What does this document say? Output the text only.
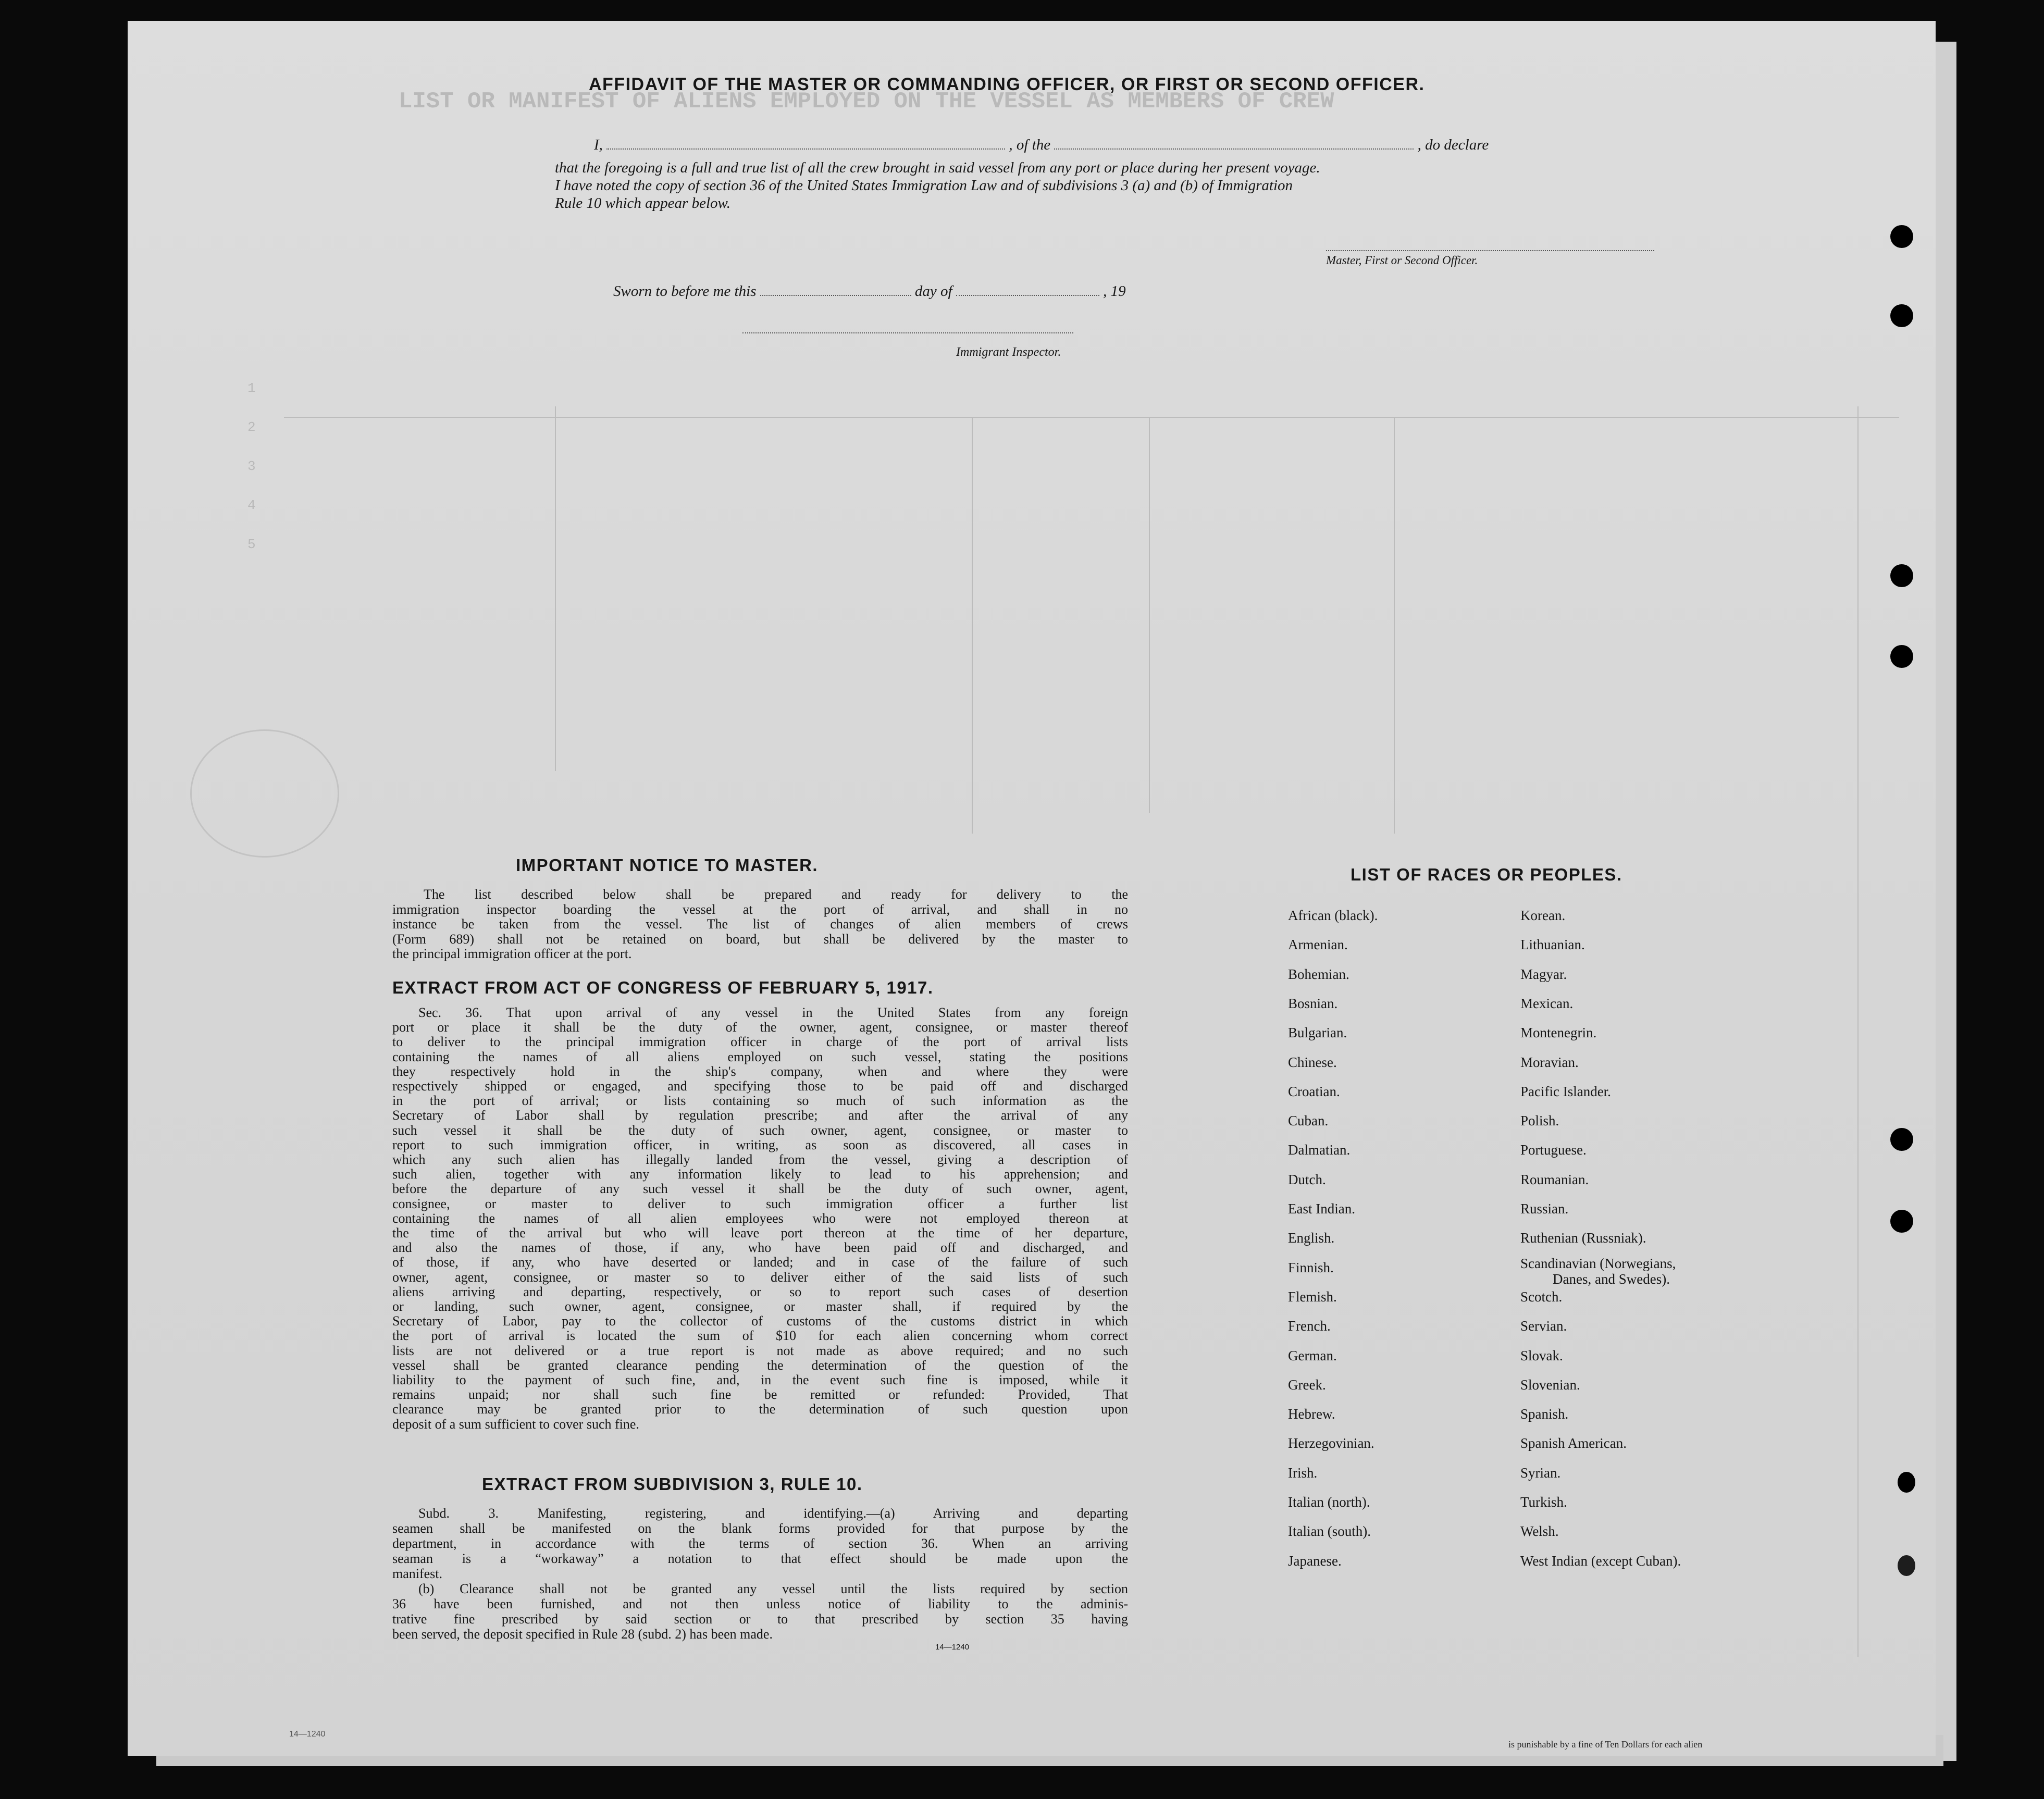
LIST OR MANIFEST OF ALIENS EMPLOYED ON THE VESSEL AS MEMBERS OF CREW
1
2
3
4
5
AFFIDAVIT OF THE MASTER OR COMMANDING OFFICER, OR FIRST OR SECOND OFFICER.
I,	, of the	, do declare
that the foregoing is a full and true list of all the crew brought in said vessel from any port or place during her present voyage.
I have noted the copy of section 36 of the United States Immigration Law and of subdivisions 3 (a) and (b) of Immigration
Rule 10 which appear below.
Master, First or Second Officer.
Sworn to before me this	day of	, 19
Immigrant Inspector.
IMPORTANT NOTICE TO MASTER.

The list described below shall be prepared and ready for delivery to the

immigration inspector boarding the vessel at the port of arrival, and shall in no

instance be taken from the vessel. The list of changes of alien members of crews

(Form 689) shall not be retained on board, but shall be delivered by the master to

the principal immigration officer at the port.

EXTRACT FROM ACT OF CONGRESS OF FEBRUARY 5, 1917.

Sec. 36. That upon arrival of any vessel in the United States from any foreign

port or place it shall be the duty of the owner, agent, consignee, or master thereof

to deliver to the principal immigration officer in charge of the port of arrival lists

containing the names of all aliens employed on such vessel, stating the positions

they respectively hold in the ship's company, when and where they were

respectively shipped or engaged, and specifying those to be paid off and discharged

in the port of arrival; or lists containing so much of such information as the

Secretary of Labor shall by regulation prescribe; and after the arrival of any

such vessel it shall be the duty of such owner, agent, consignee, or master to

report to such immigration officer, in writing, as soon as discovered, all cases in

which any such alien has illegally landed from the vessel, giving a description of

such alien, together with any information likely to lead to his apprehension; and

before the departure of any such vessel it shall be the duty of such owner, agent,

consignee, or master to deliver to such immigration officer a further list

containing the names of all alien employees who were not employed thereon at

the time of the arrival but who will leave port thereon at the time of her departure,

and also the names of those, if any, who have been paid off and discharged, and

of those, if any, who have deserted or landed; and in case of the failure of such

owner, agent, consignee, or master so to deliver either of the said lists of such

aliens arriving and departing, respectively, or so to report such cases of desertion

or landing, such owner, agent, consignee, or master shall, if required by the

Secretary of Labor, pay to the collector of customs of the customs district in which

the port of arrival is located the sum of $10 for each alien concerning whom correct

lists are not delivered or a true report is not made as above required; and no such

vessel shall be granted clearance pending the determination of the question of the

liability to the payment of such fine, and, in the event such fine is imposed, while it

remains unpaid; nor shall such fine be remitted or refunded: Provided, That

clearance may be granted prior to the determination of such question upon

deposit of a sum sufficient to cover such fine.

EXTRACT FROM SUBDIVISION 3, RULE 10.

Subd. 3. Manifesting, registering, and identifying.—(a) Arriving and departing

seamen shall be manifested on the blank forms provided for that purpose by the

department, in accordance with the terms of section 36. When an arriving

seaman is a “workaway” a notation to that effect should be made upon the

manifest.

(b) Clearance shall not be granted any vessel until the lists required by section

36 have been furnished, and not then unless notice of liability to the adminis-

trative fine prescribed by said section or to that prescribed by section 35 having

been served, the deposit specified in Rule 28 (subd. 2) has been made.

14—1240
LIST OF RACES OR PEOPLES.
African (black).
Armenian.
Bohemian.
Bosnian.
Bulgarian.
Chinese.
Croatian.
Cuban.
Dalmatian.
Dutch.
East Indian.
English.
Finnish.
Flemish.
French.
German.
Greek.
Hebrew.
Herzegovinian.
Irish.
Italian (north).
Italian (south).
Japanese.
Korean.
Lithuanian.
Magyar.
Mexican.
Montenegrin.
Moravian.
Pacific Islander.
Polish.
Portuguese.
Roumanian.
Russian.
Ruthenian (Russniak).
Scandinavian (Norwegians,
Scotch.
Servian.
Slovak.
Slovenian.
Spanish.
Spanish American.
Syrian.
Turkish.
Welsh.
West Indian (except Cuban).
Danes, and Swedes).
14—1240
is punishable by a fine of Ten Dollars for each alien
